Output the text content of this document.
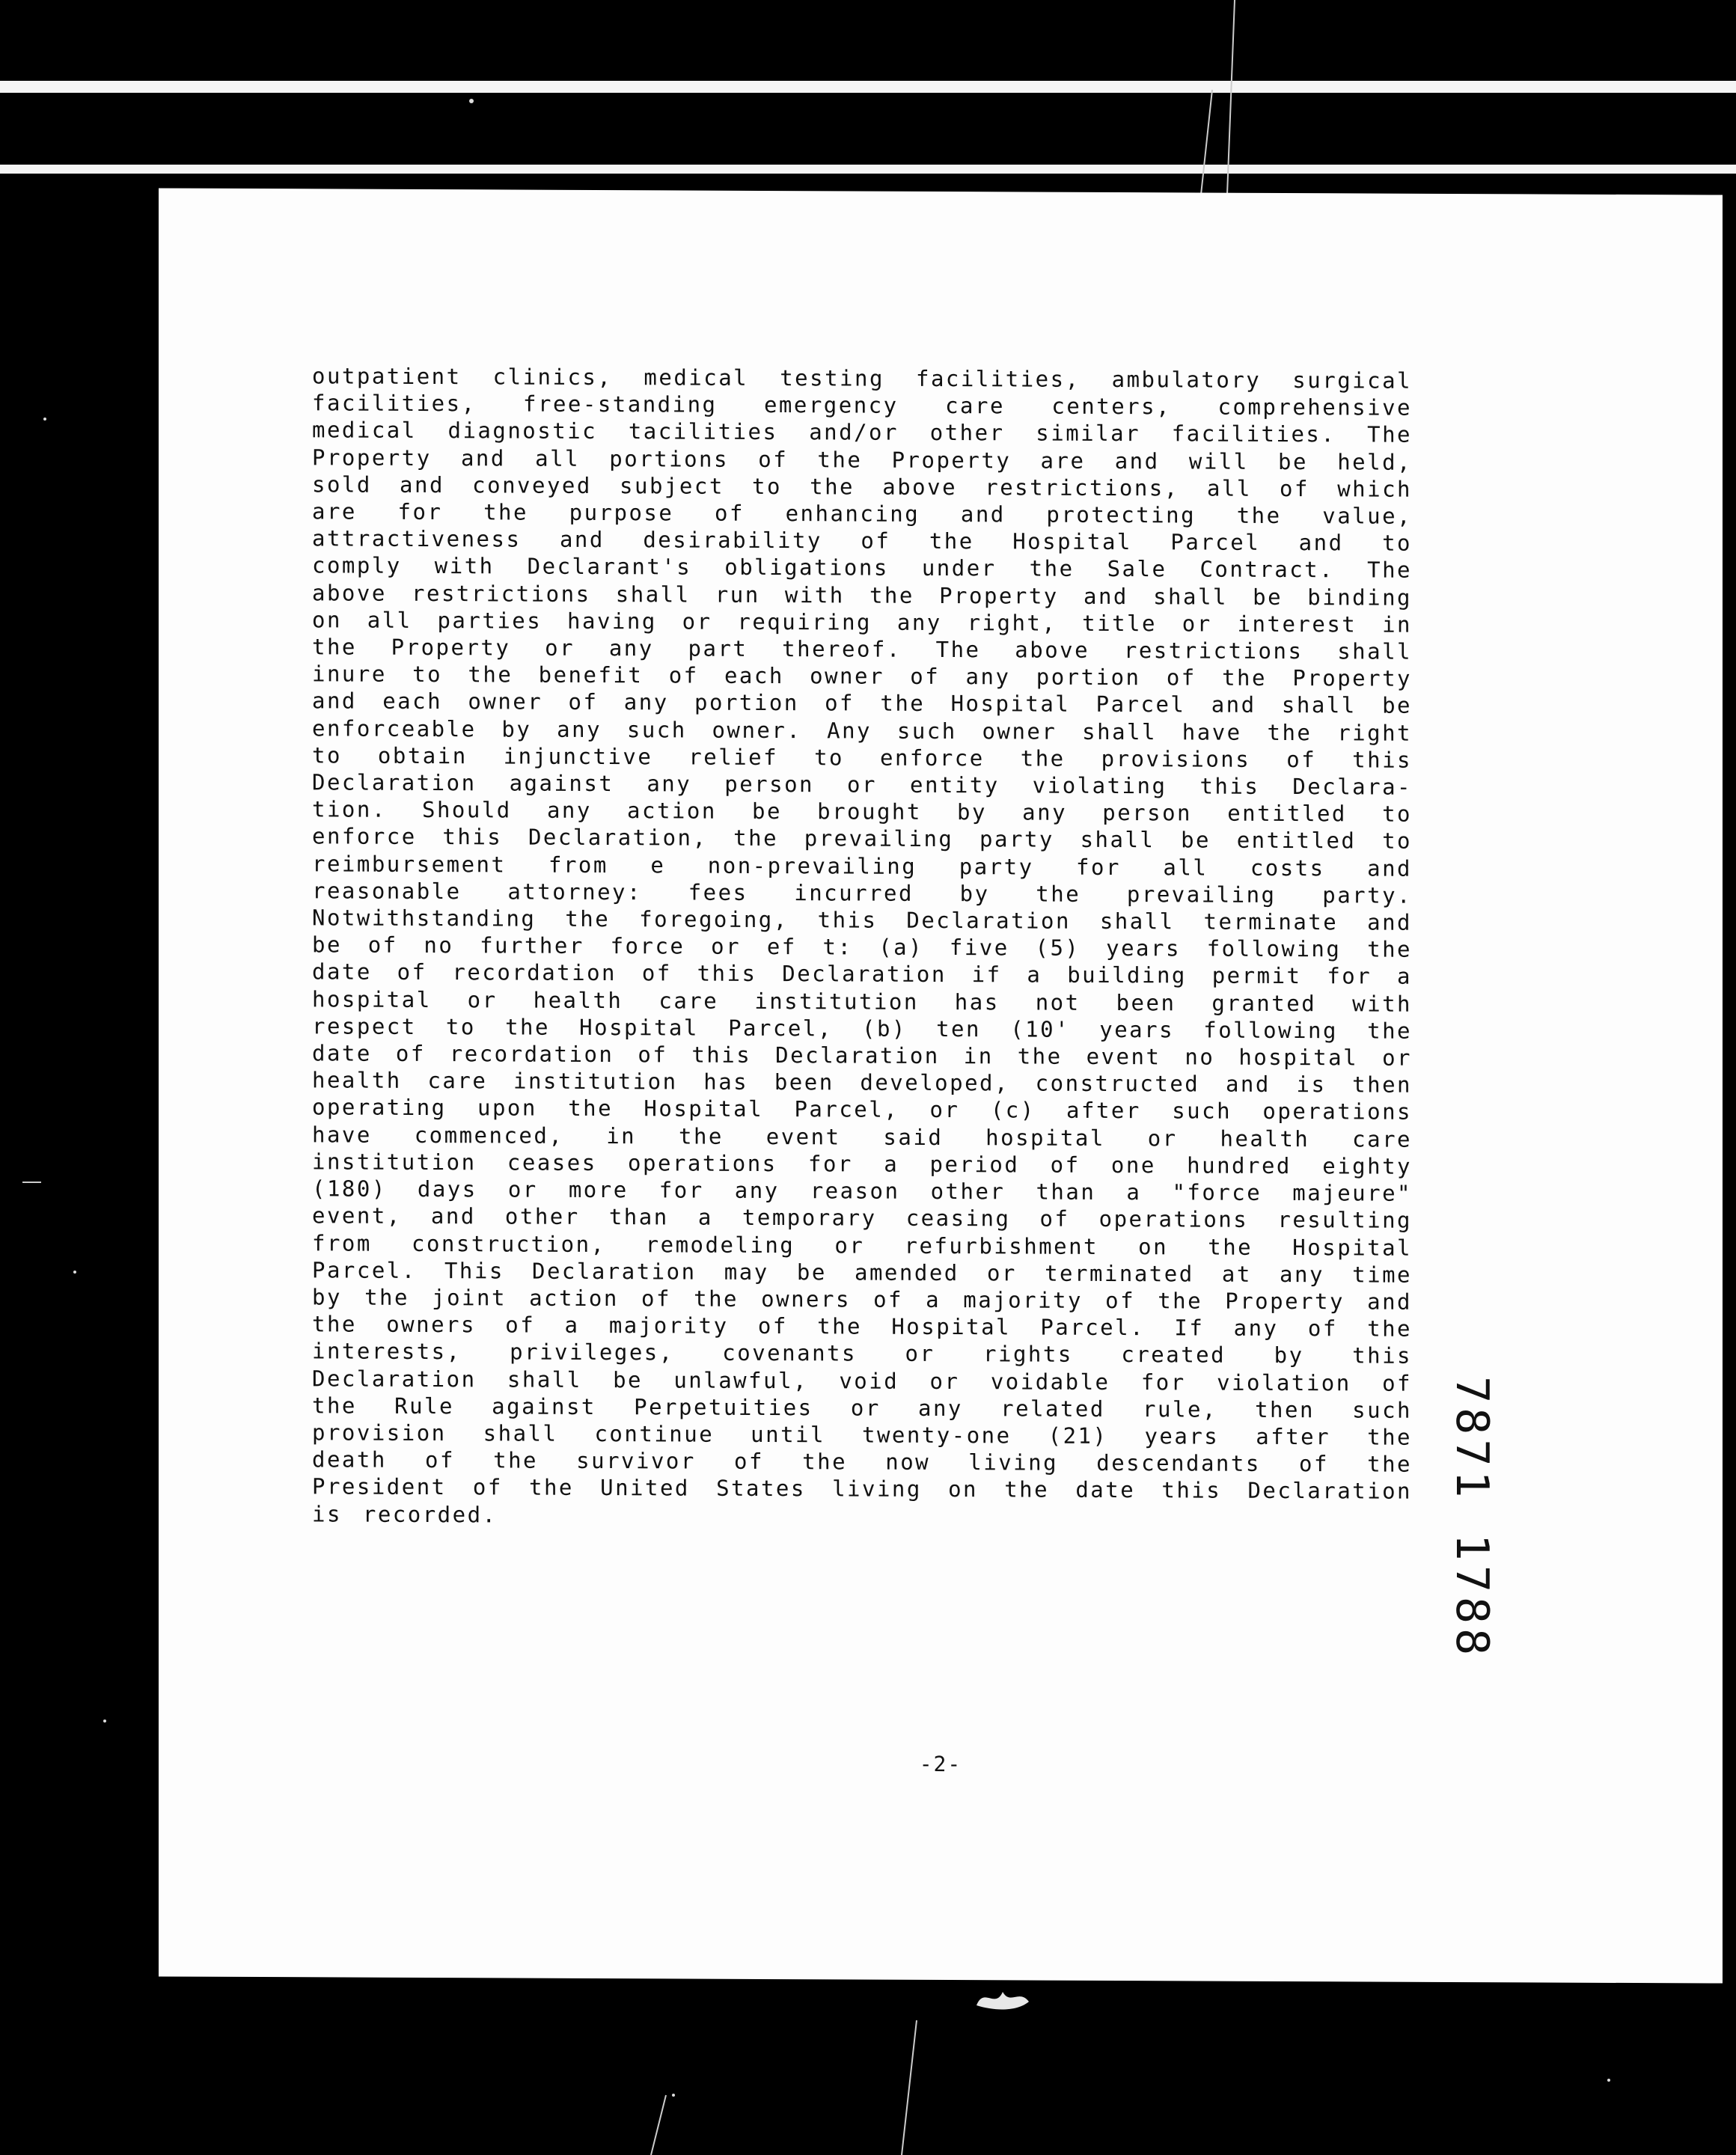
outpatient clinics, medical testing facilities, ambulatory surgical
facilities, free-standing emergency care centers, comprehensive
medical diagnostic tacilities and/or other similar facilities. The
Property and all portions of the Property are and will be held,
sold and conveyed subject to the above restrictions, all of which
are for the purpose of enhancing and protecting the value,
attractiveness and desirability of the Hospital Parcel and to
comply with Declarant's obligations under the Sale Contract. The
above restrictions shall run with the Property and shall be binding
on all parties having or requiring any right, title or interest in
the Property or any part thereof. The above restrictions shall
inure to the benefit of each owner of any portion of the Property
and each owner of any portion of the Hospital Parcel and shall be
enforceable by any such owner. Any such owner shall have the right
to obtain injunctive relief to enforce the provisions of this
Declaration against any person or entity violating this Declara-
tion. Should any action be brought by any person entitled to
enforce this Declaration, the prevailing party shall be entitled to
reimbursement from e non-prevailing party for all costs and
reasonable attorney: fees incurred by the prevailing party.
Notwithstanding the foregoing, this Declaration shall terminate and
be of no further force or ef t: (a) five (5) years following the
date of recordation of this Declaration if a building permit for a
hospital or health care institution has not been granted with
respect to the Hospital Parcel, (b) ten (10' years following the
date of recordation of this Declaration in the event no hospital or
health care institution has been developed, constructed and is then
operating upon the Hospital Parcel, or (c) after such operations
have commenced, in the event said hospital or health care
institution ceases operations for a period of one hundred eighty
(180) days or more for any reason other than a "force majeure"
event, and other than a temporary ceasing of operations resulting
from construction, remodeling or refurbishment on the Hospital
Parcel. This Declaration may be amended or terminated at any time
by the joint action of the owners of a majority of the Property and
the owners of a majority of the Hospital Parcel. If any of the
interests, privileges, covenants or rights created by this
Declaration shall be unlawful, void or voidable for violation of
the Rule against Perpetuities or any related rule, then such
provision shall continue until twenty-one (21) years after the
death of the survivor of the now living descendants of the
President of the United States living on the date this Declaration
is recorded.	7871 1788
-2-
